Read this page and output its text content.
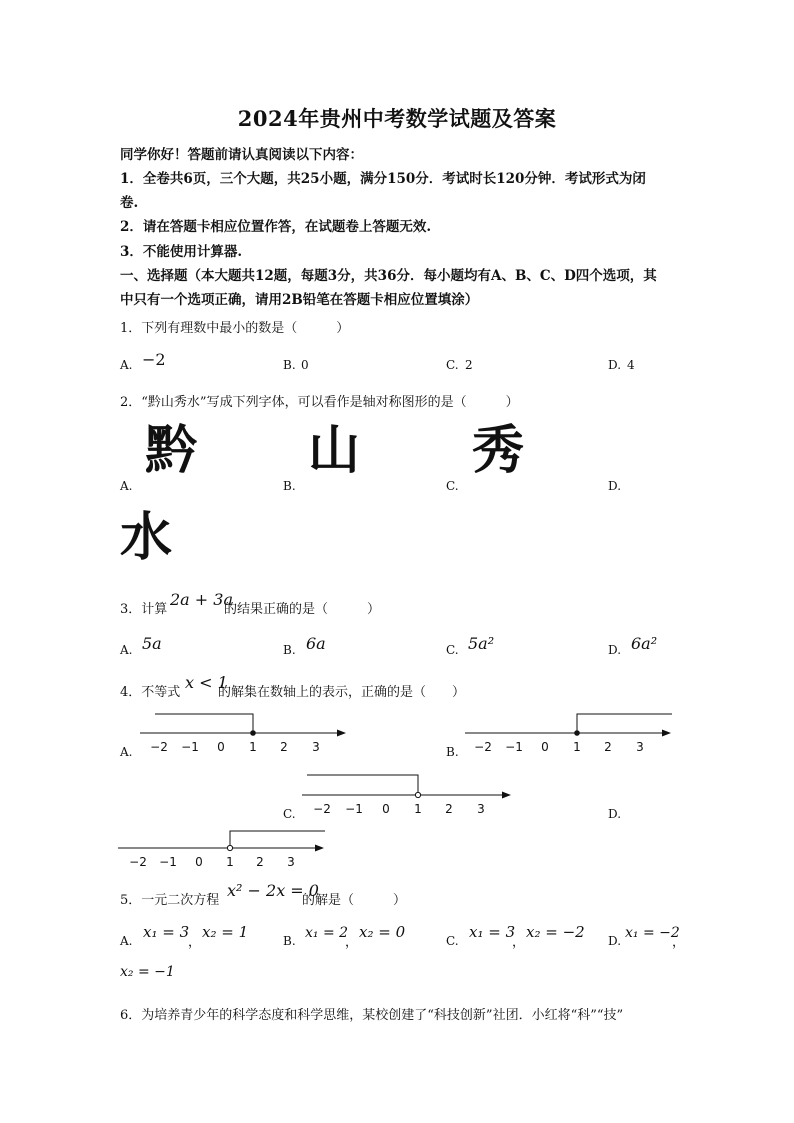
2024年贵州中考数学试题及答案
同学你好！答题前请认真阅读以下内容：
1．全卷共6页，三个大题，共25小题，满分150分．考试时长120分钟．考试形式为闭
卷.
2．请在答题卡相应位置作答，在试题卷上答题无效.
3．不能使用计算器.
一、选择题（本大题共12题，每题3分，共36分．每小题均有A、B、C、D四个选项，其
中只有一个选项正确，请用2B铅笔在答题卡相应位置填涂）
1．下列有理数中最小的数是（　　　）
A. −2	B. 0	C. 2	D. 4
2．“黔山秀水”写成下列字体，可以看作是轴对称图形的是（　　　）
黔 山 秀
A.	B.	C.	D.
水
3．计算
2a + 3a
的结果正确的是（　　　）
A. 5a	B. 6a	C. 5a²	D. 6a²
4．不等式
x < 1
的解集在数轴上的表示，正确的是（　　）
A. −2 −1 0 1 2 3	B. −2 −1 0 1 2 3
C. −2 −1 0 1 2 3	D.
−2 −1 0 1 2 3
5．一元二次方程
x² − 2x = 0
的解是（　　　）
A. x₁ = 3
，
x₂ = 1	B. x₁ = 2
，
x₂ = 0	C. x₁ = 3
，
x₂ = −2 D. x₁ = −2
，
x₂ = −1
6．为培养青少年的科学态度和科学思维，某校创建了“科技创新”社团．小红将“科”“技”
